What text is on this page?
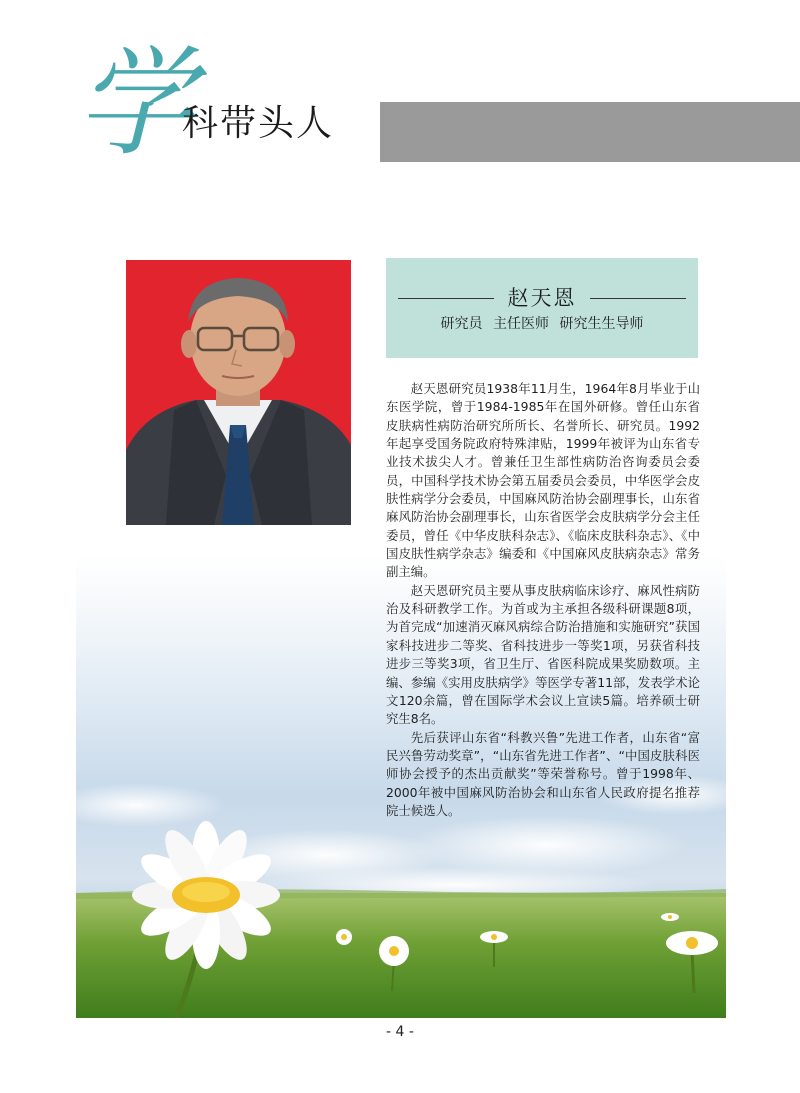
学
科带头人
赵天恩
研究员 主任医师 研究生生导师

赵天恩研究员1938年11月生，1964年8月毕业于山东医学院，曾于1984-1985年在国外研修。曾任山东省皮肤病性病防治研究所所长、名誉所长、研究员。1992年起享受国务院政府特殊津贴，1999年被评为山东省专业技术拔尖人才。曾兼任卫生部性病防治咨询委员会委员，中国科学技术协会第五届委员会委员，中华医学会皮肤性病学分会委员，中国麻风防治协会副理事长，山东省麻风防治协会副理事长，山东省医学会皮肤病学分会主任委员，曾任《中华皮肤科杂志》、《临床皮肤科杂志》、《中国皮肤性病学杂志》编委和《中国麻风皮肤病杂志》常务副主编。

赵天恩研究员主要从事皮肤病临床诊疗、麻风性病防治及科研教学工作。为首或为主承担各级科研课题8项，为首完成“加速消灭麻风病综合防治措施和实施研究”获国家科技进步二等奖、省科技进步一等奖1项，另获省科技进步三等奖3项，省卫生厅、省医科院成果奖励数项。主编、参编《实用皮肤病学》等医学专著11部，发表学术论文120余篇，曾在国际学术会议上宣读5篇。培养硕士研究生8名。

先后获评山东省“科教兴鲁”先进工作者，山东省“富民兴鲁劳动奖章”，“山东省先进工作者”、“中国皮肤科医师协会授予的杰出贡献奖”等荣誉称号。曾于1998年、2000年被中国麻风防治协会和山东省人民政府提名推荐院士候选人。

- 4 -
